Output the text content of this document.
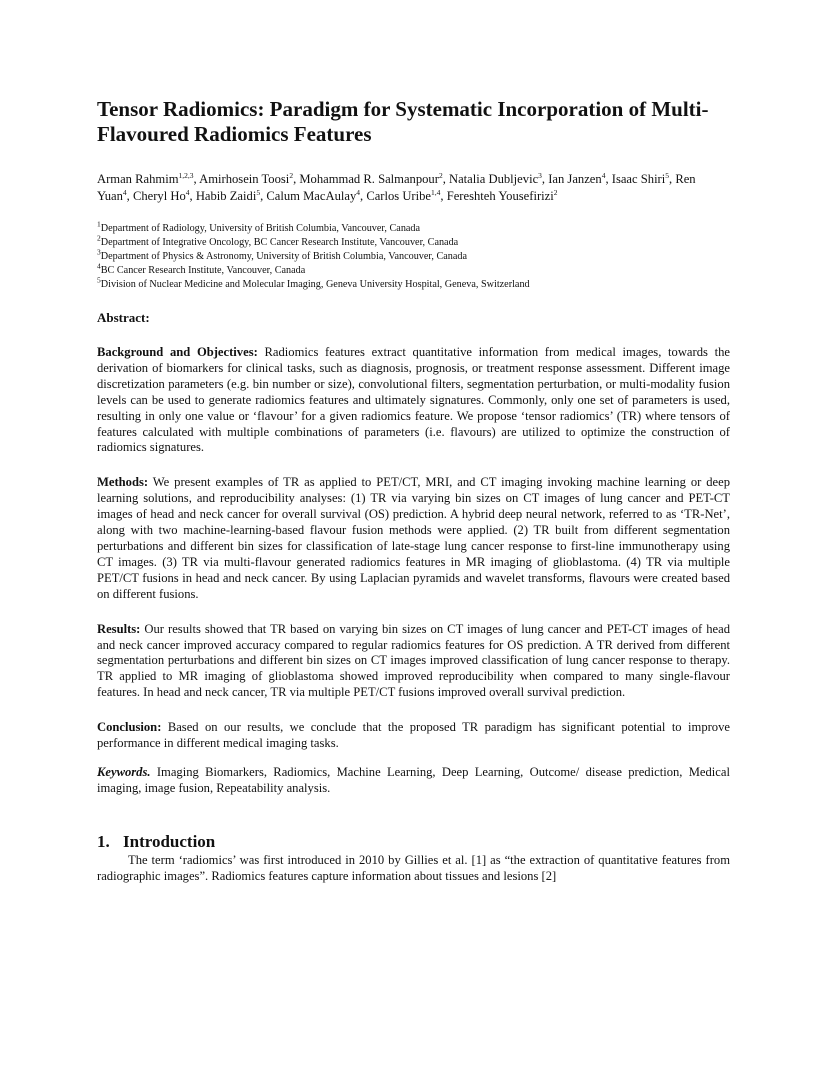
Tensor Radiomics: Paradigm for Systematic Incorporation of Multi-Flavoured Radiomics Features
Arman Rahmim$^{1,2,3}$, Amirhosein Toosi$^2$, Mohammad R. Salmanpour$^2$, Natalia Dubljevic$^3$, Ian Janzen$^4$, Isaac Shiri$^5$, Ren Yuan$^4$, Cheryl Ho$^4$, Habib Zaidi$^5$, Calum MacAulay$^4$, Carlos Uribe$^{1,4}$, Fereshteh Yousefirizi$^2$
$^1$Department of Radiology, University of British Columbia, Vancouver, Canada
$^2$Department of Integrative Oncology, BC Cancer Research Institute, Vancouver, Canada
$^3$Department of Physics & Astronomy, University of British Columbia, Vancouver, Canada
$^4$BC Cancer Research Institute, Vancouver, Canada
$^5$Division of Nuclear Medicine and Molecular Imaging, Geneva University Hospital, Geneva, Switzerland
Abstract:

Background and Objectives: Radiomics features extract quantitative information from medical images, towards the derivation of biomarkers for clinical tasks, such as diagnosis, prognosis, or treatment response assessment. Different image discretization parameters (e.g. bin number or size), convolutional filters, segmentation perturbation, or multi-modality fusion levels can be used to generate radiomics features and ultimately signatures. Commonly, only one set of parameters is used, resulting in only one value or ‘flavour’ for a given radiomics feature. We propose ‘tensor radiomics’ (TR) where tensors of features calculated with multiple combinations of parameters (i.e. flavours) are utilized to optimize the construction of radiomics signatures.

Methods: We present examples of TR as applied to PET/CT, MRI, and CT imaging invoking machine learning or deep learning solutions, and reproducibility analyses: (1) TR via varying bin sizes on CT images of lung cancer and PET-CT images of head and neck cancer for overall survival (OS) prediction. A hybrid deep neural network, referred to as ‘TR-Net’, along with two machine-learning-based flavour fusion methods were applied. (2) TR built from different segmentation perturbations and different bin sizes for classification of late-stage lung cancer response to first-line immunotherapy using CT images. (3) TR via multi-flavour generated radiomics features in MR imaging of glioblastoma. (4) TR via multiple PET/CT fusions in head and neck cancer. By using Laplacian pyramids and wavelet transforms, flavours were created based on different fusions.

Results: Our results showed that TR based on varying bin sizes on CT images of lung cancer and PET-CT images of head and neck cancer improved accuracy compared to regular radiomics features for OS prediction. A TR derived from different segmentation perturbations and different bin sizes on CT images improved classification of lung cancer response to therapy. TR applied to MR imaging of glioblastoma showed improved reproducibility when compared to many single-flavour features. In head and neck cancer, TR via multiple PET/CT fusions improved overall survival prediction.

Conclusion: Based on our results, we conclude that the proposed TR paradigm has significant potential to improve performance in different medical imaging tasks.

Keywords. Imaging Biomarkers, Radiomics, Machine Learning, Deep Learning, Outcome/ disease prediction, Medical imaging, image fusion, Repeatability analysis.

1. Introduction

The term ‘radiomics’ was first introduced in 2010 by Gillies et al. [1] as “the extraction of quantitative features from radiographic images”. Radiomics features capture information about tissues and lesions [2]
